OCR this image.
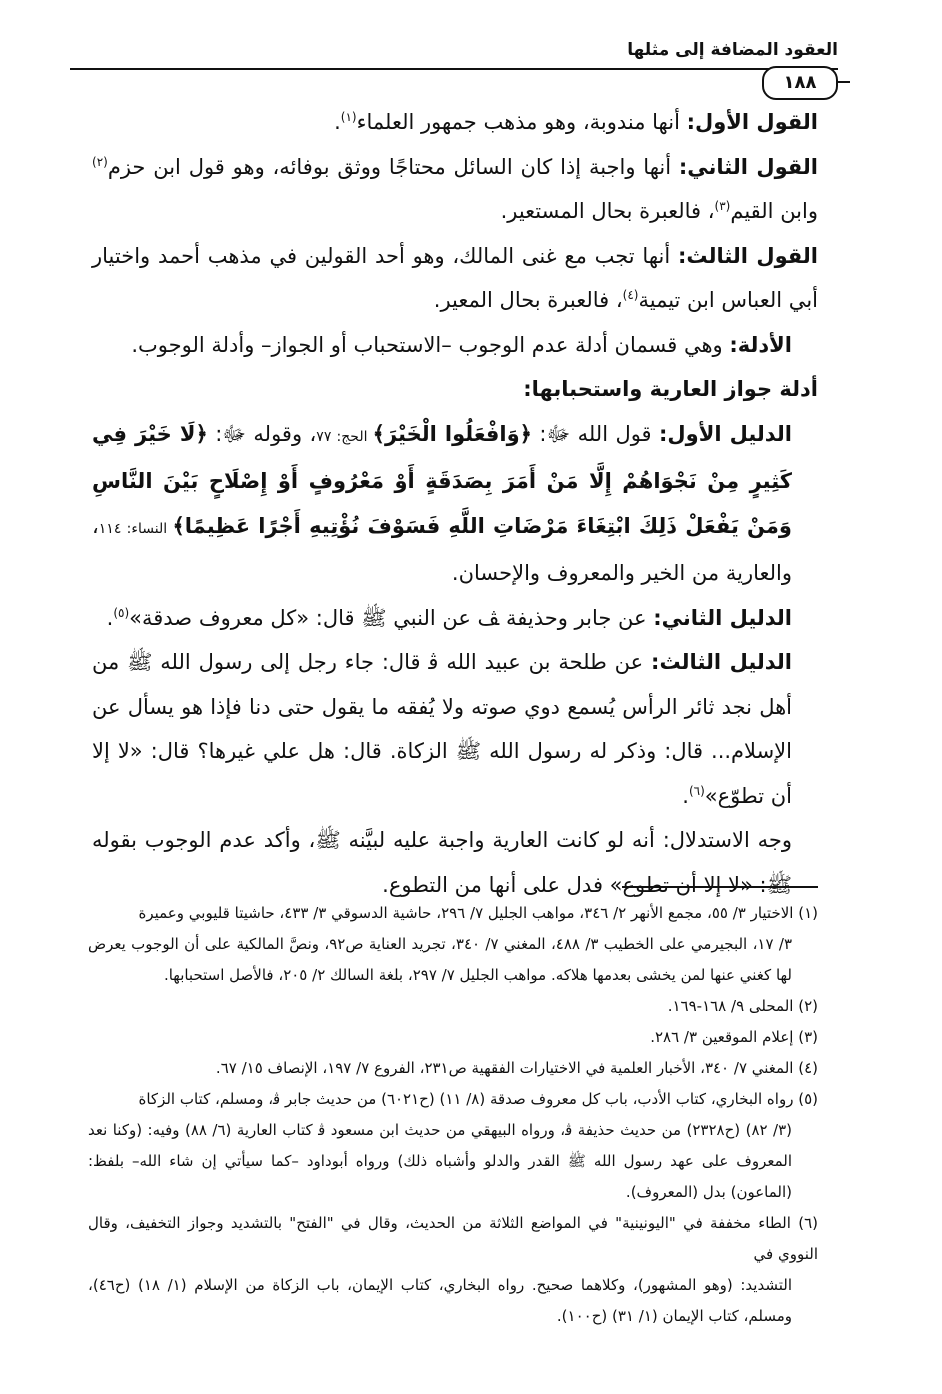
العقود المضافة إلى مثلها
١٨٨

القول الأول: أنها مندوبة، وهو مذهب جمهور العلماء$^{(١)}$.

القول الثاني: أنها واجبة إذا كان السائل محتاجًا ووثق بوفائه، وهو قول ابن حزم$^{(٢)}$ وابن القيم$^{(٣)}$، فالعبرة بحال المستعير.

القول الثالث: أنها تجب مع غنى المالك، وهو أحد القولين في مذهب أحمد واختيار أبي العباس ابن تيمية$^{(٤)}$، فالعبرة بحال المعير.

الأدلة: وهي قسمان أدلة عدم الوجوب –الاستحباب أو الجواز– وأدلة الوجوب.

أدلة جواز العارية واستحبابها:

الدليل الأول: قول الله ﷻ: ﴿وَافْعَلُوا الْخَيْرَ﴾ الحج: ٧٧، وقوله ﷻ: ﴿لَا خَيْرَ فِي كَثِيرٍ مِنْ نَجْوَاهُمْ إِلَّا مَنْ أَمَرَ بِصَدَقَةٍ أَوْ مَعْرُوفٍ أَوْ إِصْلَاحٍ بَيْنَ النَّاسِ وَمَنْ يَفْعَلْ ذَلِكَ ابْتِغَاءَ مَرْضَاتِ اللَّهِ فَسَوْفَ نُؤْتِيهِ أَجْرًا عَظِيمًا﴾ النساء: ١١٤، والعارية من الخير والمعروف والإحسان.

الدليل الثاني: عن جابر وحذيفة ﭫ عن النبي ﷺ قال: «كل معروف صدقة»$^{(٥)}$.

الدليل الثالث: عن طلحة بن عبيد الله ﭬ قال: جاء رجل إلى رسول الله ﷺ من أهل نجد ثائر الرأس يُسمع دوي صوته ولا يُفقه ما يقول حتى دنا فإذا هو يسأل عن الإسلام... قال: وذكر له رسول الله ﷺ الزكاة. قال: هل علي غيرها؟ قال: «لا إلا أن تطوّع»$^{(٦)}$.

وجه الاستدلال: أنه لو كانت العارية واجبة عليه لبيَّنه ﷺ، وأكد عدم الوجوب بقوله ﷺ: «لا إلا أن تطوع» فدل على أنها من التطوع.

(١) الاختيار ٣/ ٥٥، مجمع الأنهر ٢/ ٣٤٦، مواهب الجليل ٧/ ٢٩٦، حاشية الدسوقي ٣/ ٤٣٣، حاشيتا قليوبي وعميرة

٣/ ١٧، البجيرمي على الخطيب ٣/ ٤٨٨، المغني ٧/ ٣٤٠، تجريد العناية ص٩٢، ونصَّ المالكية على أن الوجوب يعرض لها كغني عنها لمن يخشى بعدمها هلاكه. مواهب الجليل ٧/ ٢٩٧، بلغة السالك ٢/ ٢٠٥، فالأصل استحبابها.

(٢) المحلى ٩/ ١٦٨-١٦٩.

(٣) إعلام الموقعين ٣/ ٢٨٦.

(٤) المغني ٧/ ٣٤٠، الأخبار العلمية في الاختيارات الفقهية ص٢٣١، الفروع ٧/ ١٩٧، الإنصاف ١٥/ ٦٧.

(٥) رواه البخاري، كتاب الأدب، باب كل معروف صدقة (٨/ ١١) (ح٦٠٢١) من حديث جابر ﭬ، ومسلم، كتاب الزكاة

(٣/ ٨٢) (ح٢٣٢٨) من حديث حذيفة ﭬ، ورواه البيهقي من حديث ابن مسعود ﭬ كتاب العارية (٦/ ٨٨) وفيه: (وكنا نعد المعروف على عهد رسول الله ﷺ القدر والدلو وأشباه ذلك) ورواه أبوداود –كما سيأتي إن شاء الله– بلفظ: (الماعون) بدل (المعروف).

(٦) الطاء مخففة في "اليونينية" في المواضع الثلاثة من الحديث، وقال في "الفتح" بالتشديد وجواز التخفيف، وقال النووي في

التشديد: (وهو المشهور)، وكلاهما صحيح. رواه البخاري، كتاب الإيمان، باب الزكاة من الإسلام (١/ ١٨) (ح٤٦)، ومسلم، كتاب الإيمان (١/ ٣١) (ح١٠٠).
